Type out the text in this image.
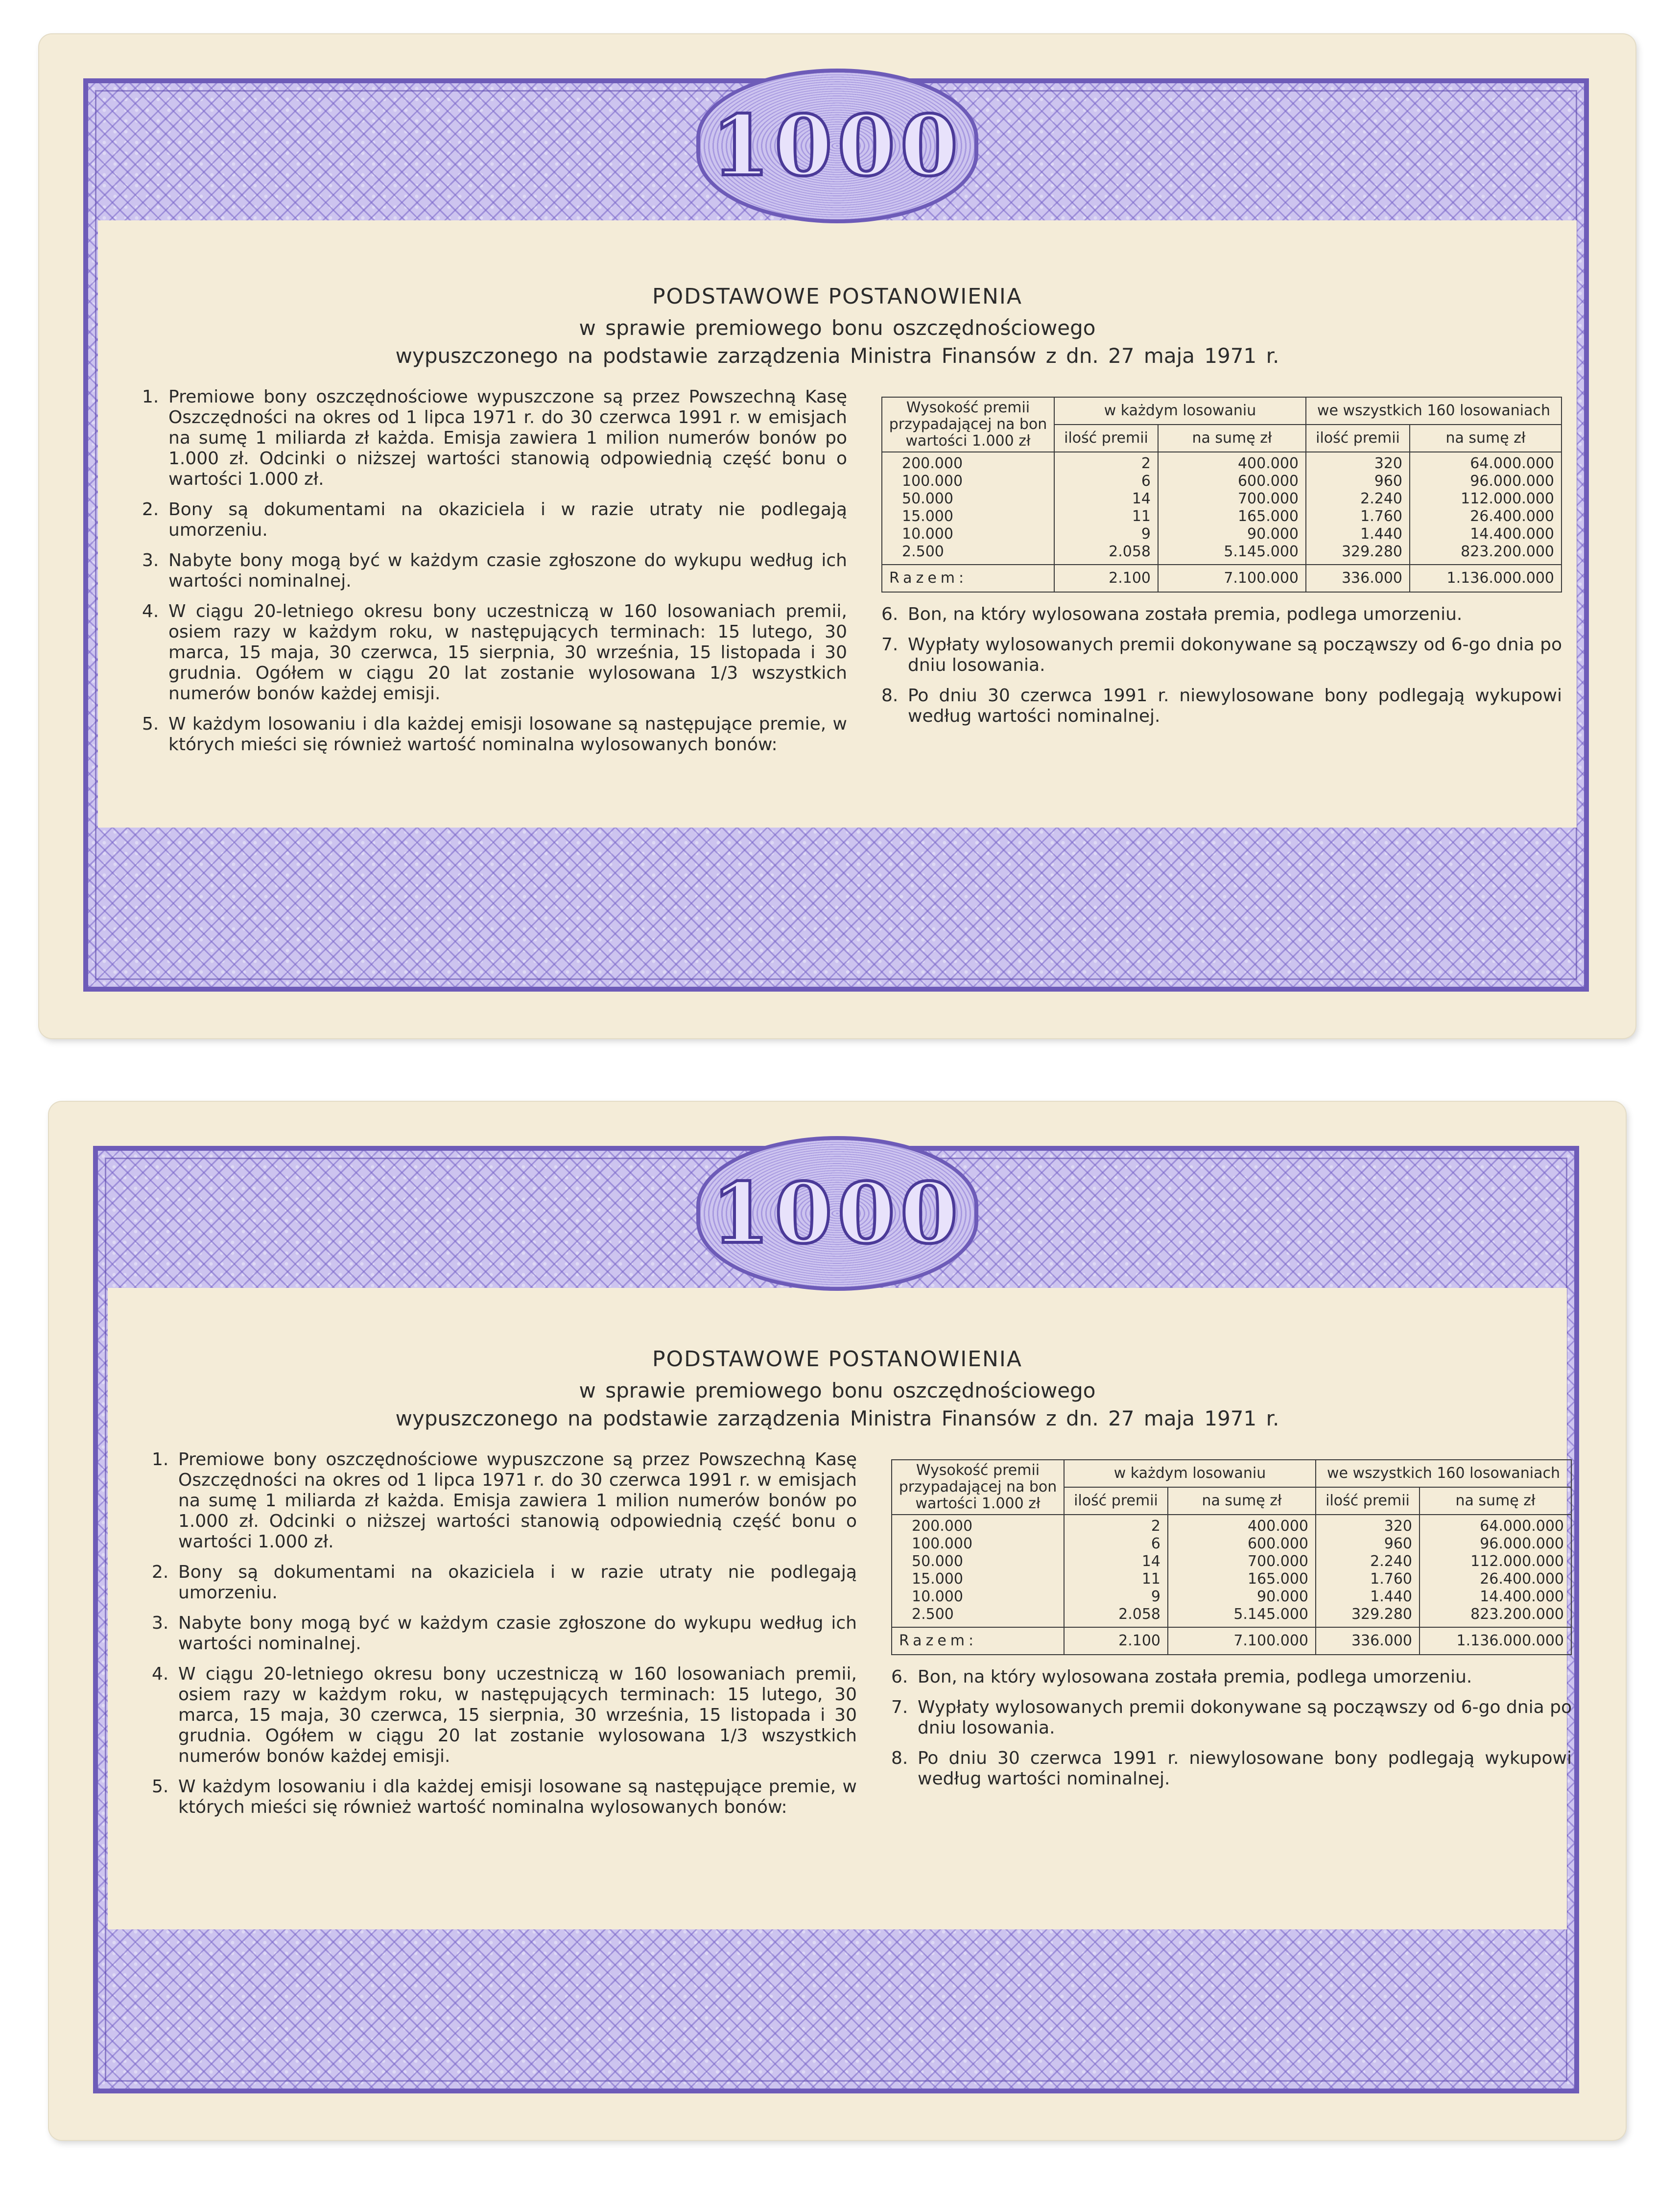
1000
PODSTAWOWE POSTANOWIENIA
w sprawie premiowego bonu oszczędnościowego
wypuszczonego na podstawie zarządzenia Ministra Finansów z dn. 27 maja 1971 r.
1. Premiowe bony oszczędnościowe wypuszczone są przez Powszechną Kasę Oszczędności na okres od 1 lipca 1971 r. do 30 czerwca 1991 r. w emisjach na sumę 1 miliarda zł każda. Emisja zawiera 1 milion numerów bonów po 1.000 zł. Odcinki o niższej wartości stanowią odpowiednią część bonu o wartości 1.000 zł.
2. Bony są dokumentami na okaziciela i w razie utraty nie podlegają umorzeniu.
3. Nabyte bony mogą być w każdym czasie zgłoszone do wykupu według ich wartości nominalnej.
4. W ciągu 20-letniego okresu bony uczestniczą w 160 losowaniach premii, osiem razy w każdym roku, w następujących terminach: 15 lutego, 30 marca, 15 maja, 30 czerwca, 15 sierpnia, 30 września, 15 listopada i 30 grudnia. Ogółem w ciągu 20 lat zostanie wylosowana 1/3 wszystkich numerów bonów każdej emisji.
5. W każdym losowaniu i dla każdej emisji losowane są następujące premie, w których mieści się również wartość nominalna wylosowanych bonów:
Wysokość premii przypadającej na bon wartości 1.000 zł	w każdym losowaniu		we wszystkich 160 losowaniach	
	ilość premii	na sumę zł	ilość premii	na sumę zł
200.000	2	400.000	320	64.000.000
100.000	6	600.000	960	96.000.000
50.000	14	700.000	2.240	112.000.000
15.000	11	165.000	1.760	26.400.000
10.000	9	90.000	1.440	14.400.000
2.500	2.058	5.145.000	329.280	823.200.000
Razem:	2.100	7.100.000	336.000	1.136.000.000
6. Bon, na który wylosowana została premia, podlega umorzeniu.
7. Wypłaty wylosowanych premii dokonywane są począwszy od 6-go dnia po dniu losowania.
8. Po dniu 30 czerwca 1991 r. niewylosowane bony podlegają wykupowi według wartości nominalnej.
1000
PODSTAWOWE POSTANOWIENIA
w sprawie premiowego bonu oszczędnościowego
wypuszczonego na podstawie zarządzenia Ministra Finansów z dn. 27 maja 1971 r.
1. Premiowe bony oszczędnościowe wypuszczone są przez Powszechną Kasę Oszczędności na okres od 1 lipca 1971 r. do 30 czerwca 1991 r. w emisjach na sumę 1 miliarda zł każda. Emisja zawiera 1 milion numerów bonów po 1.000 zł. Odcinki o niższej wartości stanowią odpowiednią część bonu o wartości 1.000 zł.
2. Bony są dokumentami na okaziciela i w razie utraty nie podlegają umorzeniu.
3. Nabyte bony mogą być w każdym czasie zgłoszone do wykupu według ich wartości nominalnej.
4. W ciągu 20-letniego okresu bony uczestniczą w 160 losowaniach premii, osiem razy w każdym roku, w następujących terminach: 15 lutego, 30 marca, 15 maja, 30 czerwca, 15 sierpnia, 30 września, 15 listopada i 30 grudnia. Ogółem w ciągu 20 lat zostanie wylosowana 1/3 wszystkich numerów bonów każdej emisji.
5. W każdym losowaniu i dla każdej emisji losowane są następujące premie, w których mieści się również wartość nominalna wylosowanych bonów:
Wysokość premii przypadającej na bon wartości 1.000 zł	w każdym losowaniu		we wszystkich 160 losowaniach	
	ilość premii	na sumę zł	ilość premii	na sumę zł
200.000	2	400.000	320	64.000.000
100.000	6	600.000	960	96.000.000
50.000	14	700.000	2.240	112.000.000
15.000	11	165.000	1.760	26.400.000
10.000	9	90.000	1.440	14.400.000
2.500	2.058	5.145.000	329.280	823.200.000
Razem:	2.100	7.100.000	336.000	1.136.000.000
6. Bon, na który wylosowana została premia, podlega umorzeniu.
7. Wypłaty wylosowanych premii dokonywane są począwszy od 6-go dnia po dniu losowania.
8. Po dniu 30 czerwca 1991 r. niewylosowane bony podlegają wykupowi według wartości nominalnej.
